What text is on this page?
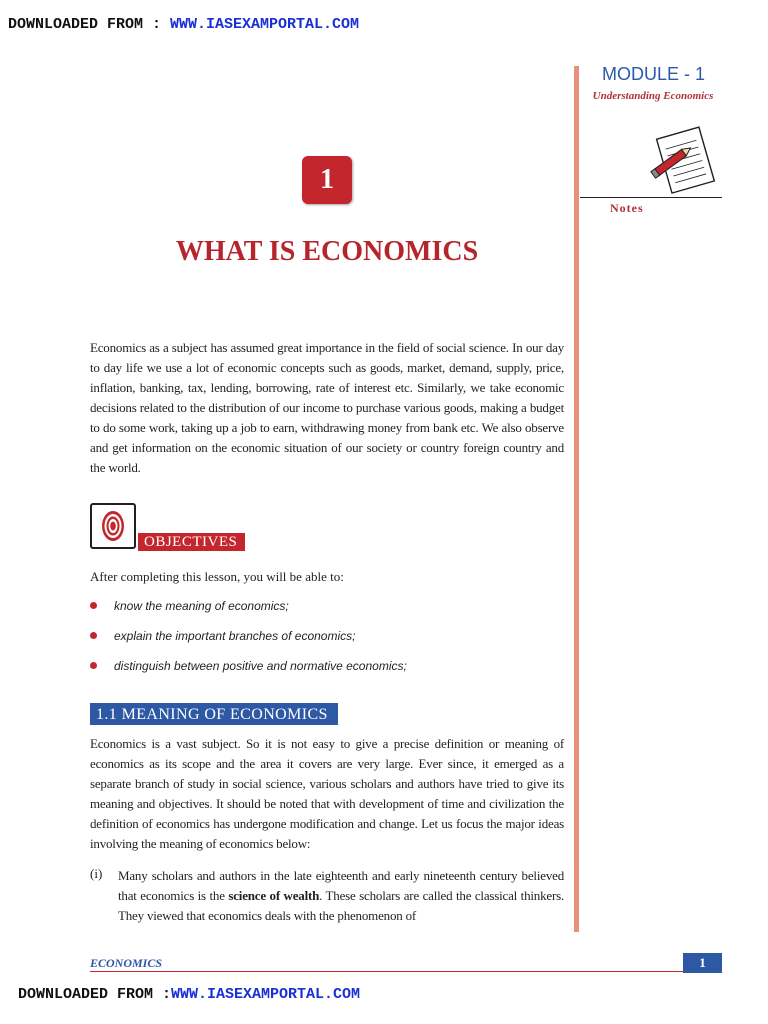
DOWNLOADED FROM : WWW.IASEXAMPORTAL.COM
MODULE - 1
Understanding Economics
Notes
1
WHAT IS ECONOMICS
Economics as a subject has assumed great importance in the field of social science. In our day to day life we use a lot of economic concepts such as goods, market, demand, supply, price, inflation, banking, tax, lending, borrowing, rate of interest etc. Similarly, we take economic decisions related to the distribution of our income to purchase various goods, making a budget to do some work, taking up a job to earn, withdrawing money from bank etc. We also observe and get information on the economic situation of our society or country foreign country and the world.
OBJECTIVES
After completing this lesson, you will be able to:
know the meaning of economics;
explain the important branches of economics;
distinguish between positive and normative economics;
1.1 MEANING OF ECONOMICS
Economics is a vast subject. So it is not easy to give a precise definition or meaning of economics as its scope and the area it covers are very large. Ever since, it emerged as a separate branch of study in social science, various scholars and authors have tried to give its meaning and objectives. It should be noted that with development of time and civilization the definition of economics has undergone modification and change. Let us focus the major ideas involving the meaning of economics below:
(i) Many scholars and authors in the late eighteenth and early nineteenth century believed that economics is the science of wealth. These scholars are called the classical thinkers. They viewed that economics deals with the phenomenon of
ECONOMICS	1
DOWNLOADED FROM :WWW.IASEXAMPORTAL.COM
